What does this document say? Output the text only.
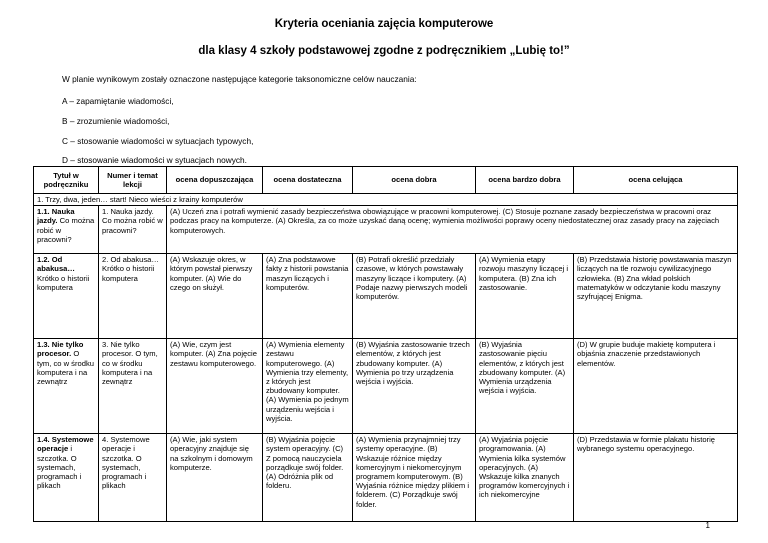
Kryteria oceniania zajęcia komputerowe
dla klasy 4 szkoły podstawowej zgodne z podręcznikiem „Lubię to!”
W planie wynikowym zostały oznaczone następujące kategorie taksonomiczne celów nauczania:
A – zapamiętanie wiadomości,
B – zrozumienie wiadomości,
C – stosowanie wiadomości w sytuacjach typowych,
D – stosowanie wiadomości w sytuacjach nowych.
Tytuł w podręczniku	Numer i temat lekcji	ocena dopuszczająca	ocena dostateczna	ocena dobra	ocena bardzo dobra	ocena celująca
1. Trzy, dwa, jeden… start! Nieco wieści z krainy komputerów						
1.1. Nauka jazdy. Co można robić w pracowni?	1. Nauka jazdy. Co można robić w pracowni?	(A) Uczeń zna i potrafi wymienić zasady bezpieczeństwa obowiązujące w pracowni komputerowej. (C) Stosuje poznane zasady bezpieczeństwa w pracowni oraz podczas pracy na komputerze. (A) Określa, za co może uzyskać daną ocenę; wymienia możliwości poprawy oceny niedostatecznej oraz zasady pracy na zajęciach komputerowych.				
1.2. Od abakusa… Krótko o historii komputera	2. Od abakusa… Krótko o historii komputera	(A) Wskazuje okres, w którym powstał pierwszy komputer. (A) Wie do czego on służył.	(A) Zna podstawowe fakty z historii powstania maszyn liczących i komputerów.	(B) Potrafi określić przedziały czasowe, w których powstawały maszyny liczące i komputery. (A) Podaje nazwy pierwszych modeli komputerów.	(A) Wymienia etapy rozwoju maszyny liczącej i komputera. (B) Zna ich zastosowanie.	(B) Przedstawia historię powstawania maszyn liczących na tle rozwoju cywilizacyjnego człowieka. (B) Zna wkład polskich matematyków w odczytanie kodu maszyny szyfrującej Enigma.
1.3. Nie tylko procesor. O tym, co w środku komputera i na zewnątrz	3. Nie tylko procesor. O tym, co w środku komputera i na zewnątrz	(A) Wie, czym jest komputer. (A) Zna pojęcie zestawu komputerowego.	(A) Wymienia elementy zestawu komputerowego. (A) Wymienia trzy elementy, z których jest zbudowany komputer. (A) Wymienia po jednym urządzeniu wejścia i wyjścia.	(B) Wyjaśnia zastosowanie trzech elementów, z których jest zbudowany komputer. (A) Wymienia po trzy urządzenia wejścia i wyjścia.	(B) Wyjaśnia zastosowanie pięciu elementów, z których jest zbudowany komputer. (A) Wymienia urządzenia wejścia i wyjścia.	(D) W grupie buduje makietę komputera i objaśnia znaczenie przedstawionych elementów.
1.4. Systemowe operacje i szczotka. O systemach, programach i plikach	4. Systemowe operacje i szczotka. O systemach, programach i plikach	(A) Wie, jaki system operacyjny znajduje się na szkolnym i domowym komputerze.	(B) Wyjaśnia pojęcie system operacyjny. (C) Z pomocą nauczyciela porządkuje swój folder. (A) Odróżnia plik od folderu.	(A) Wymienia przynajmniej trzy systemy operacyjne. (B) Wskazuje różnice między komercyjnym i niekomercyjnym programem komputerowym. (B) Wyjaśnia różnice między plikiem i folderem. (C) Porządkuje swój folder.	(A) Wyjaśnia pojęcie programowania. (A) Wymienia kilka systemów operacyjnych. (A) Wskazuje kilka znanych programów komercyjnych i ich niekomercyjne	(D) Przedstawia w formie plakatu historię wybranego systemu operacyjnego.
1
